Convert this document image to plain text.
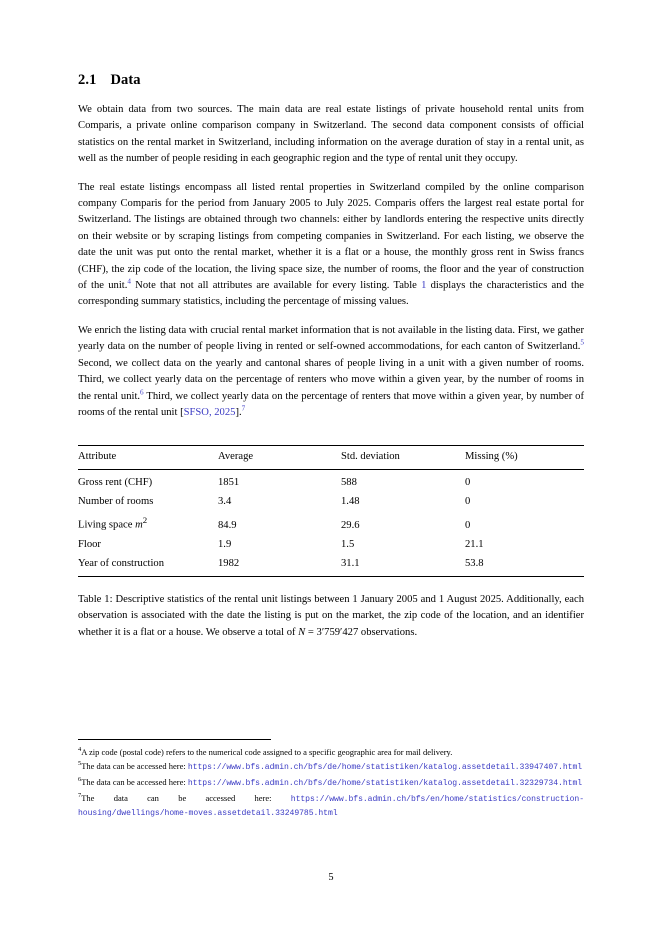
2.1 Data

We obtain data from two sources. The main data are real estate listings of private household rental units from Comparis, a private online comparison company in Switzerland. The second data component consists of official statistics on the rental market in Switzerland, including information on the average duration of stay in a rental unit, as well as the number of people residing in each geographic region and the type of rental unit they occupy.

The real estate listings encompass all listed rental properties in Switzerland compiled by the online comparison company Comparis for the period from January 2005 to July 2025. Comparis offers the largest real estate portal for Switzerland. The listings are obtained through two channels: either by landlords entering the respective units directly on their website or by scraping listings from competing companies in Switzerland. For each listing, we observe the date the unit was put onto the rental market, whether it is a flat or a house, the monthly gross rent in Swiss francs (CHF), the zip code of the location, the living space size, the number of rooms, the floor and the year of construction of the unit.$^4$ Note that not all attributes are available for every listing. Table 1 displays the characteristics and the corresponding summary statistics, including the percentage of missing values.

We enrich the listing data with crucial rental market information that is not available in the listing data. First, we gather yearly data on the number of people living in rented or self-owned accommodations, for each canton of Switzerland.$^5$ Second, we collect data on the yearly and cantonal shares of people living in a unit with a given number of rooms. Third, we collect yearly data on the percentage of renters who move within a given year, by the number of rooms in the rental unit.$^6$ Third, we collect yearly data on the percentage of renters that move within a given year, by number of rooms of the rental unit [SFSO, 2025].$^7$

Attribute	Average	Std. deviation	Missing (%)
Gross rent (CHF)	1851	588	0
Number of rooms	3.4	1.48	0
Living space $m^2$	84.9	29.6	0
Floor	1.9	1.5	21.1
Year of construction	1982	31.1	53.8

Table 1: Descriptive statistics of the rental unit listings between 1 January 2005 and 1 August 2025. Additionally, each observation is associated with the date the listing is put on the market, the zip code of the location, and an identifier whether it is a flat or a house. We observe a total of N = 3′759′427 observations.

$^4$A zip code (postal code) refers to the numerical code assigned to a specific geographic area for mail delivery.

$^5$The data can be accessed here: https://www.bfs.admin.ch/bfs/de/home/statistiken/katalog.assetdetail.33947407.html

$^6$The data can be accessed here: https://www.bfs.admin.ch/bfs/de/home/statistiken/katalog.assetdetail.32329734.html

$^7$The data can be accessed here: https://www.bfs.admin.ch/bfs/en/home/statistics/construction-housing/dwellings/home-moves.assetdetail.33249785.html

5
